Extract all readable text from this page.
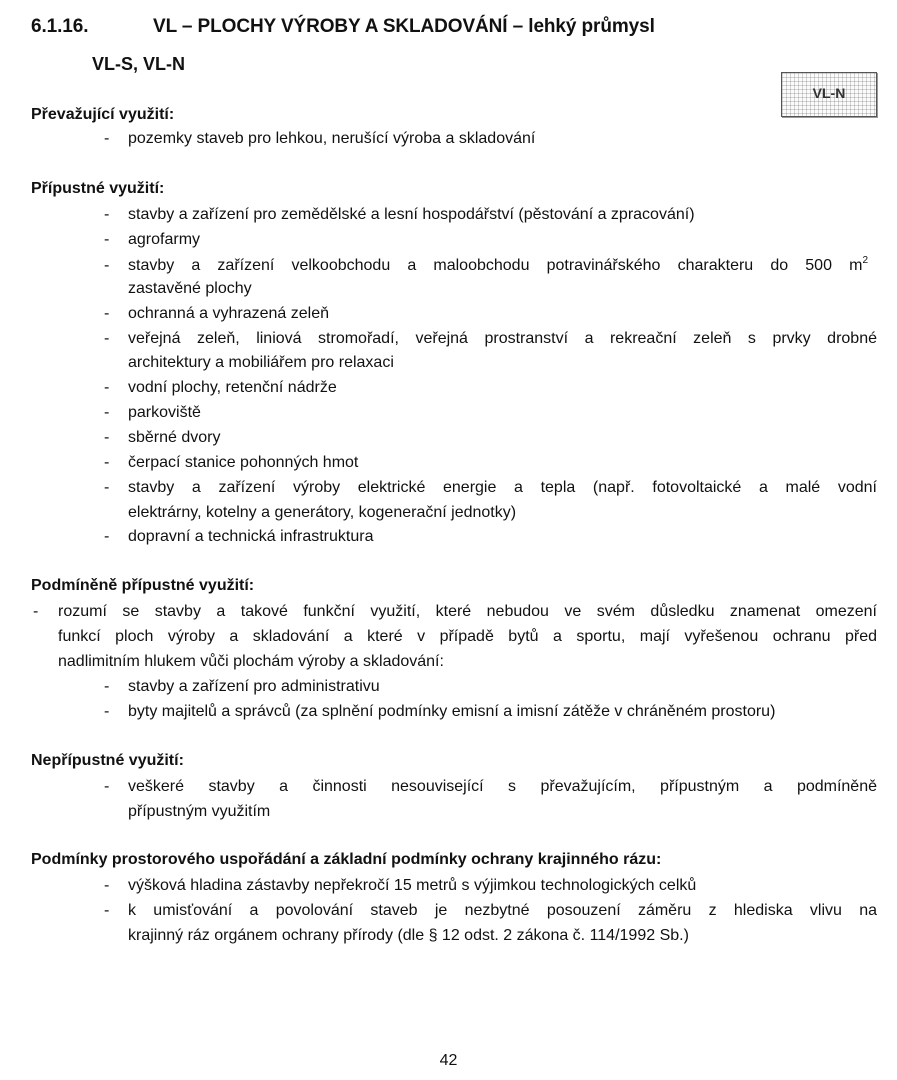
6.1.16.	VL – PLOCHY VÝROBY A SKLADOVÁNÍ – lehký průmysl
VL-S, VL-N
VL-N
Převažující využití:
- pozemky staveb pro lehkou, nerušící výroba a skladování
Přípustné využití:
- stavby a zařízení pro zemědělské a lesní hospodářství (pěstování a zpracování)
- agrofarmy
- stavby a zařízení velkoobchodu a maloobchodu potravinářského charakteru do 500 $m^2$
zastavěné plochy
- ochranná a vyhrazená zeleň
- veřejná zeleň, liniová stromořadí, veřejná prostranství a rekreační zeleň s prvky drobné
architektury a mobiliářem pro relaxaci
- vodní plochy, retenční nádrže
- parkoviště
- sběrné dvory
- čerpací stanice pohonných hmot
- stavby a zařízení výroby elektrické energie a tepla (např. fotovoltaické a malé vodní
elektrárny, kotelny a generátory, kogenerační jednotky)
- dopravní a technická infrastruktura
Podmíněně přípustné využití:
- rozumí se stavby a takové funkční využití, které nebudou ve svém důsledku znamenat omezení
funkcí ploch výroby a skladování a které v případě bytů a sportu, mají vyřešenou ochranu před
nadlimitním hlukem vůči plochám výroby a skladování:
- stavby a zařízení pro administrativu
- byty majitelů a správců (za splnění podmínky emisní a imisní zátěže v chráněném prostoru)
Nepřípustné využití:
- veškeré stavby a činnosti nesouvisející s převažujícím, přípustným a podmíněně
přípustným využitím
Podmínky prostorového uspořádání a základní podmínky ochrany krajinného rázu:
- výšková hladina zástavby nepřekročí 15 metrů s výjimkou technologických celků
- k umisťování a povolování staveb je nezbytné posouzení záměru z hlediska vlivu na
krajinný ráz orgánem ochrany přírody (dle § 12 odst. 2 zákona č. 114/1992 Sb.)
42
